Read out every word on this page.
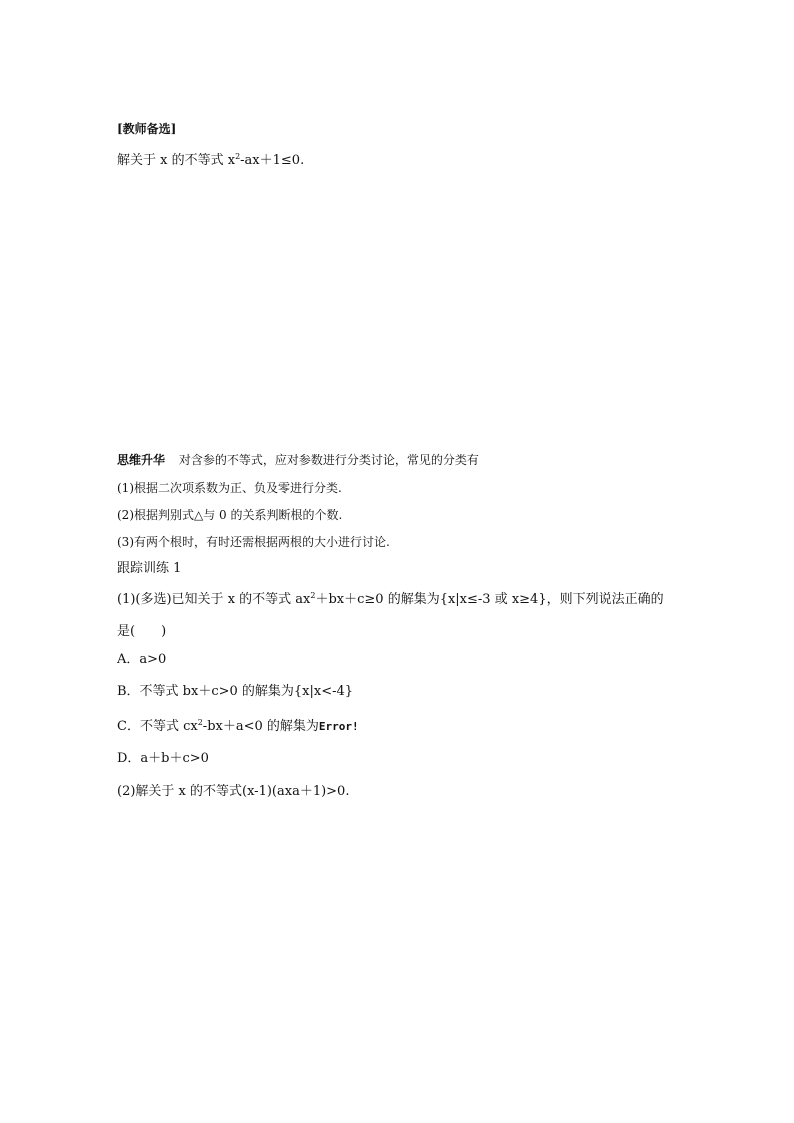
[教师备选]
解关于 x 的不等式 $x^2-ax+1\le 0$.
思维升华 对含参的不等式，应对参数进行分类讨论，常见的分类有
(1)根据二次项系数为正、负及零进行分类.
(2)根据判别式△与 0 的关系判断根的个数.
(3)有两个根时，有时还需根据两根的大小进行讨论.
跟踪训练 1
(1)(多选)已知关于 x 的不等式 $ax^2+bx+c\ge 0$ 的解集为{x|x≤-3 或 x≥4}，则下列说法正确的
是(　　)
A．a>0
B．不等式 bx＋c>0 的解集为{x|x<-4}
C．不等式 $cx^2-bx+a<0$ 的解集为Error!
D．a＋b＋c>0
(2)解关于 x 的不等式(x-1)(axa＋1)>0.
